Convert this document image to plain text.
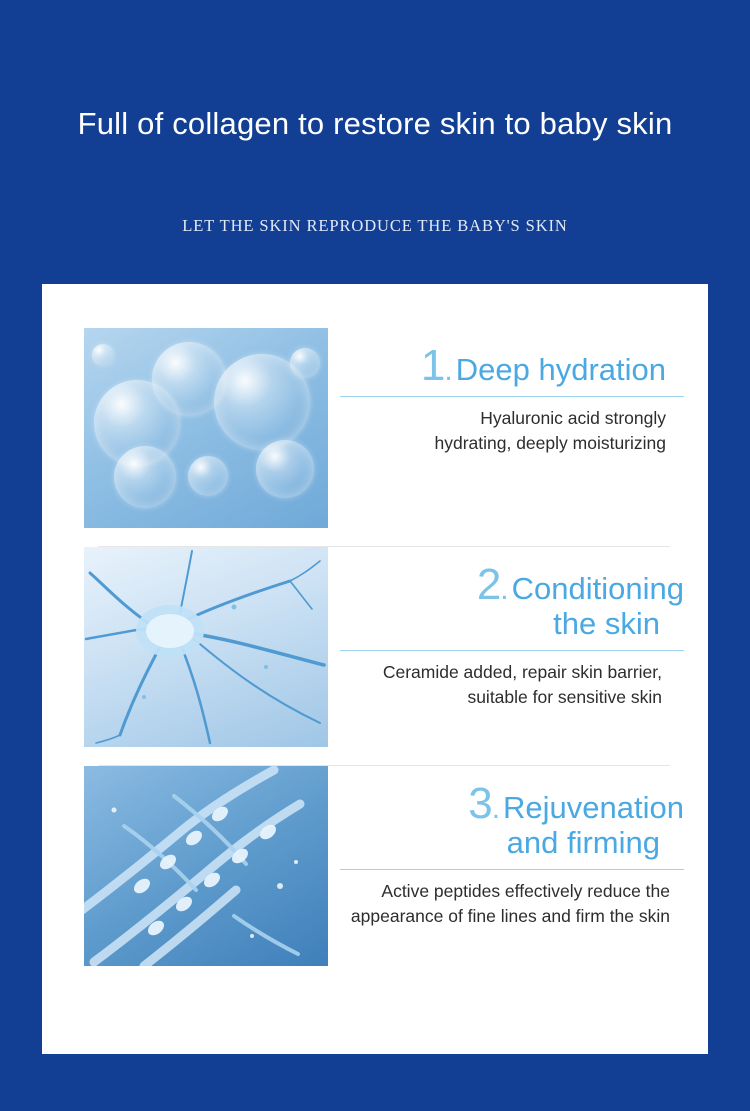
Full of collagen to restore skin to baby skin
LET THE SKIN REPRODUCE THE BABY'S SKIN
1. Deep hydration
Hyaluronic acid strongly
hydrating, deeply moisturizing
2. Conditioning
the skin
Ceramide added, repair skin barrier,
suitable for sensitive skin
3. Rejuvenation
and firming
Active peptides effectively reduce the
appearance of fine lines and firm the skin
